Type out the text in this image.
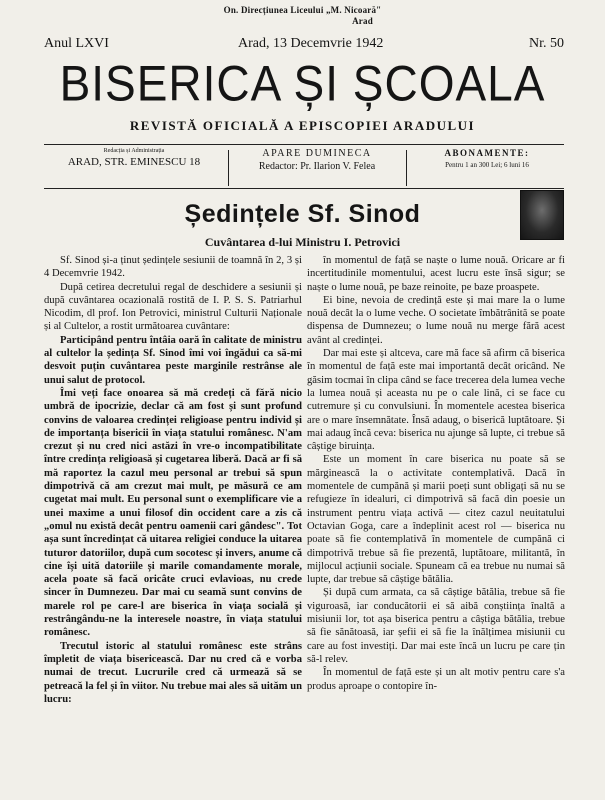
On. Direcțiunea Liceului „M. Nicoară"
Arad
Anul LXVI	Arad, 13 Decemvrie 1942	Nr. 50
BISERICA ȘI ȘCOALA
REVISTĂ OFICIALĂ A EPISCOPIEI ARADULUI
Redacția și Administrația
ARAD, STR. EMINESCU 18
APARE DUMINECA
Redactor: Pr. Ilarion V. Felea
ABONAMENTE:
Pentru 1 an 300 Lei; 6 luni 16
Ședințele Sf. Sinod
Cuvântarea d-lui Ministru I. Petrovici

Sf. Sinod și-a ținut ședințele sesiunii de toamnă în 2, 3 și 4 Decemvrie 1942.

După cetirea decretului regal de deschidere a sesiunii și după cuvântarea ocazională rostită de I. P. S. S. Patriarhul Nicodim, dl prof. Ion Petrovici, ministrul Culturii Naționale și al Cultelor, a rostit următoarea cuvântare:

Participând pentru întâia oară în calitate de ministru al cultelor la ședința Sf. Sinod îmi voi îngădui ca să-mi desvoit puțin cuvântarea peste marginile restrânse ale unui salut de protocol.

Îmi veți face onoarea să mă credeți că fără nicio umbră de ipocrizie, declar că am fost și sunt profund convins de valoarea credinței religioase pentru individ și de importanța bisericii în viața statului românesc. N'am crezut și nu cred nici astăzi în vre-o incompatibilitate între credința religioasă și cugetarea liberă. Dacă ar fi să mă raportez la cazul meu personal ar trebui să spun dimpotrivă că am crezut mai mult, pe măsură ce am cugetat mai mult. Eu personal sunt o exemplificare vie a unei maxime a unui filosof din occident care a zis că „omul nu există decât pentru oamenii cari gândesc". Tot așa sunt încredințat că uitarea religiei conduce la uitarea tuturor datoriilor, după cum socotesc și invers, anume că cine își uită datoriile și marile comandamente morale, acela poate să facă oricâte cruci evlavioas, nu crede sincer în Dumnezeu. Dar mai cu seamă sunt convins de marele rol pe care-l are biserica în viața socială și restrângându-ne la interesele noastre, în viața statului românesc.

Trecutul istoric al statului românesc este strâns împletit de viața bisericească. Dar nu cred că e vorba numai de trecut. Lucrurile cred că urmează să se petreacă la fel și în viitor. Nu trebue mai ales să uităm un lucru:

în momentul de față se naște o lume nouă. Oricare ar fi incertitudinile momentului, acest lucru este însă sigur; se naște o lume nouă, pe baze reinoite, pe baze proaspete.

Ei bine, nevoia de credință este și mai mare la o lume nouă decât la o lume veche. O societate îmbătrânită se poate dispensa de Dumnezeu; o lume nouă nu merge fără acest avânt al credinței.

Dar mai este și altceva, care mă face să afirm că biserica în momentul de față este mai importantă decât oricând. Ne găsim tocmai în clipa când se face trecerea dela lumea veche la lumea nouă și aceasta nu pe o cale lină, ci se face cu cutremure și cu convulsiuni. În momentele acestea biserica are o mare însemnătate. Însă adaug, o biserică luptătoare. Și mai adaug încă ceva: biserica nu ajunge să lupte, ci trebue să câștige biruința.

Este un moment în care biserica nu poate să se mărginească la o activitate contemplativă. Dacă în momentele de cumpănă și marii poeți sunt obligați să nu se refugieze în idealuri, ci dimpotrivă să facă din poesie un instrument pentru viața activă — citez cazul neuitatului Octavian Goga, care a îndeplinit acest rol — biserica nu poate să fie contemplativă în momentele de cumpănă ci dimpotrivă trebue să fie prezentă, luptătoare, militantă, în mijlocul acțiunii sociale. Spuneam că ea trebue nu numai să lupte, dar trebue să câștige bătălia.

Și după cum armata, ca să câștige bătălia, trebue să fie viguroasă, iar conducătorii ei să aibă conștiința înaltă a misiunii lor, tot așa biserica pentru a câștiga bătălia, trebue să fie sănătoasă, iar șefii ei să fie la înălțimea misiunii cu care au fost investiți. Dar mai este încă un lucru pe care țin să-l relev.

În momentul de față este și un alt motiv pentru care s'a produs aproape o contopire în-
